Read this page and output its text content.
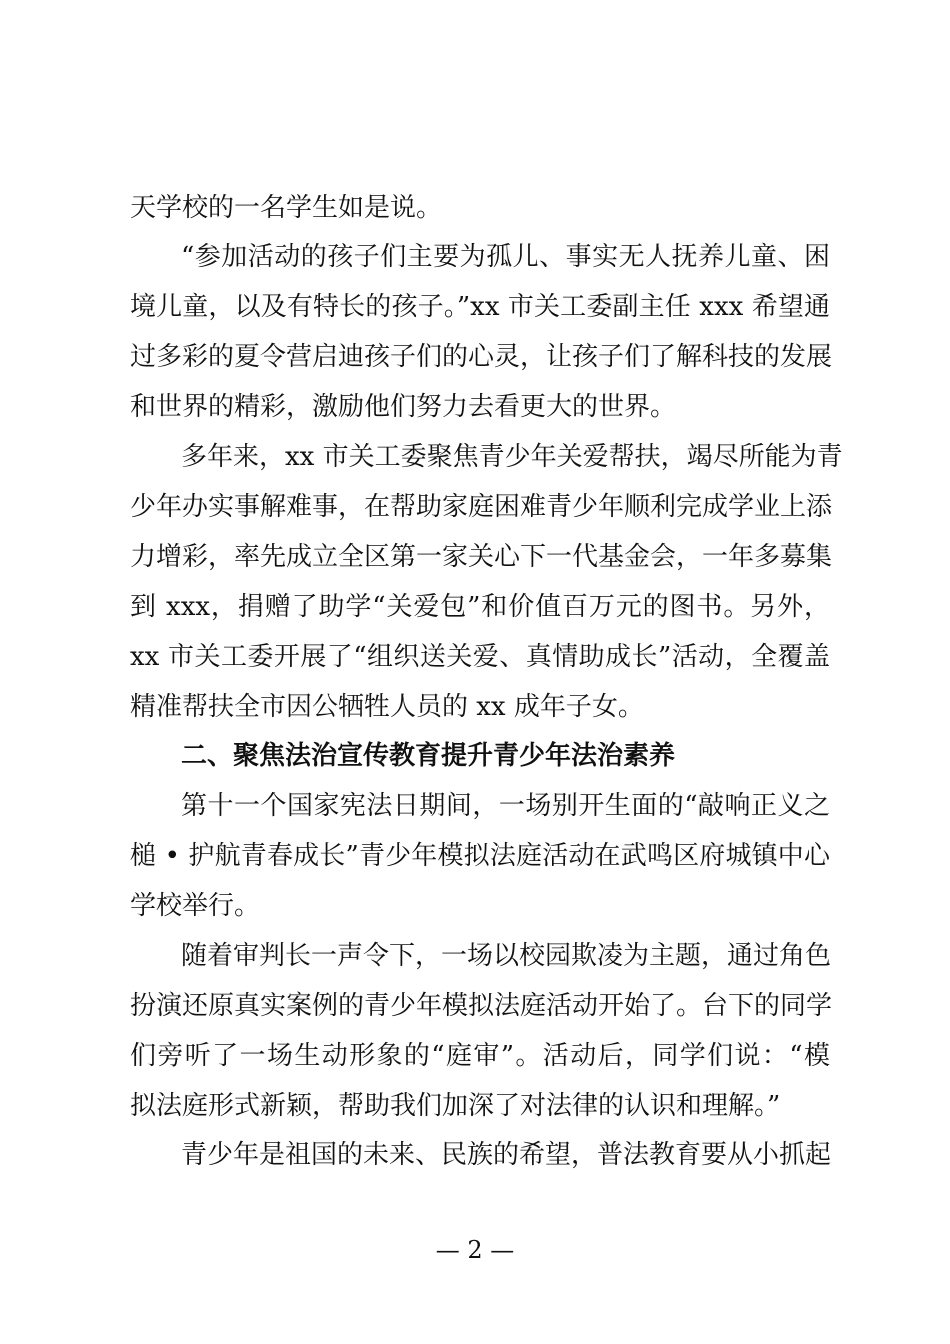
天学校的一名学生如是说。
“参加活动的孩子们主要为孤儿、事实无人抚养儿童、困
境儿童，以及有特长的孩子。”xx 市关工委副主任 xxx 希望通
过多彩的夏令营启迪孩子们的心灵，让孩子们了解科技的发展
和世界的精彩，激励他们努力去看更大的世界。
多年来，xx 市关工委聚焦青少年关爱帮扶，竭尽所能为青
少年办实事解难事，在帮助家庭困难青少年顺利完成学业上添
力增彩，率先成立全区第一家关心下一代基金会，一年多募集
到 xxx，捐赠了助学“关爱包”和价值百万元的图书。另外，
xx 市关工委开展了“组织送关爱、真情助成长”活动，全覆盖
精准帮扶全市因公牺牲人员的 xx 成年子女。
二、聚焦法治宣传教育提升青少年法治素养
第十一个国家宪法日期间，一场别开生面的“敲响正义之
槌 • 护航青春成长”青少年模拟法庭活动在武鸣区府城镇中心
学校举行。
随着审判长一声令下，一场以校园欺凌为主题，通过角色
扮演还原真实案例的青少年模拟法庭活动开始了。台下的同学
们旁听了一场生动形象的“庭审”。活动后，同学们说：“模
拟法庭形式新颖，帮助我们加深了对法律的认识和理解。”
青少年是祖国的未来、民族的希望，普法教育要从小抓起
— 2 —
